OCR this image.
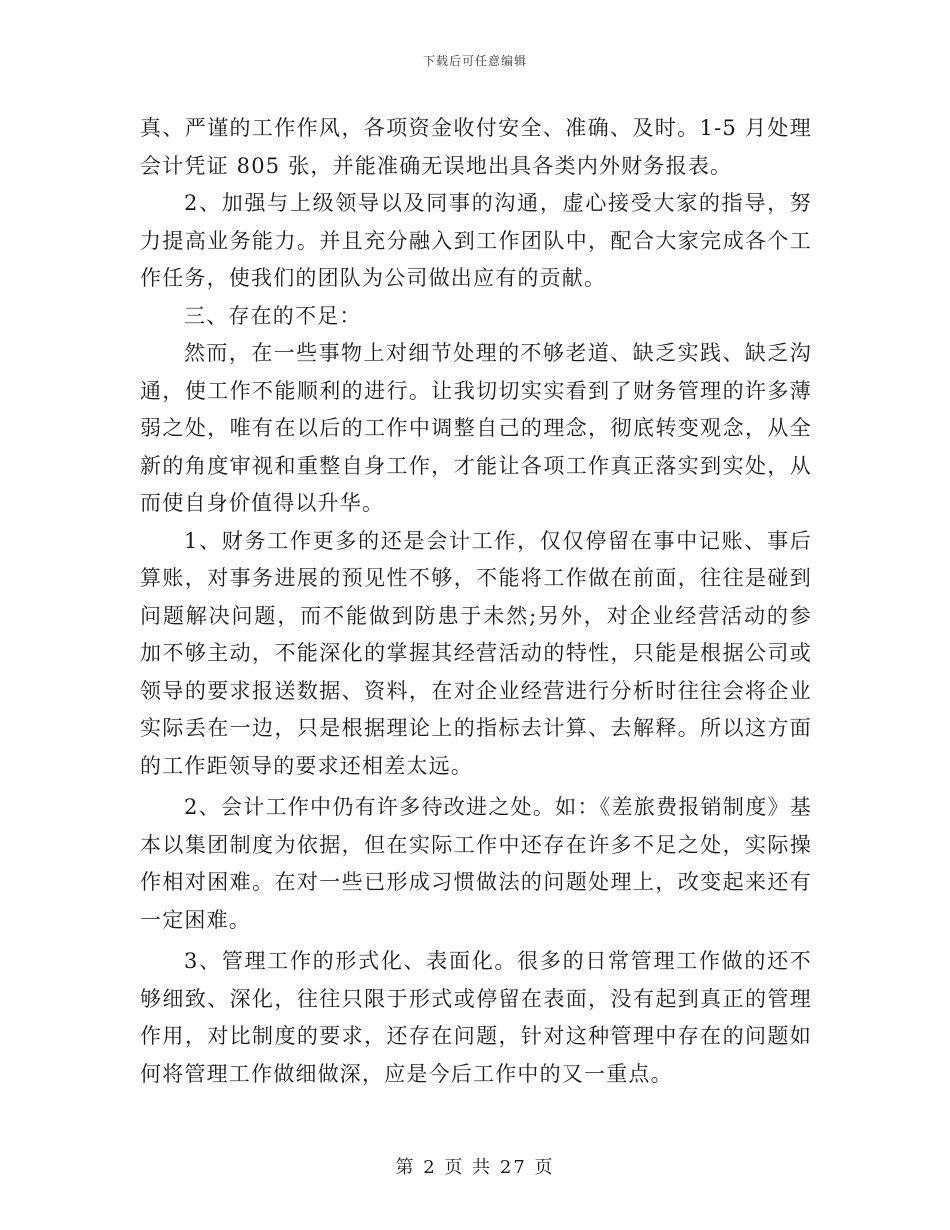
下载后可任意编辑

真、严谨的工作作风，各项资金收付安全、准确、及时。1-5 月处理会计凭证 805 张，并能准确无误地出具各类内外财务报表。

2、加强与上级领导以及同事的沟通，虚心接受大家的指导，努力提高业务能力。并且充分融入到工作团队中，配合大家完成各个工作任务，使我们的团队为公司做出应有的贡献。

三、存在的不足：

然而，在一些事物上对细节处理的不够老道、缺乏实践、缺乏沟通，使工作不能顺利的进行。让我切切实实看到了财务管理的许多薄弱之处，唯有在以后的工作中调整自己的理念，彻底转变观念，从全新的角度审视和重整自身工作，才能让各项工作真正落实到实处，从而使自身价值得以升华。

1、财务工作更多的还是会计工作，仅仅停留在事中记账、事后算账，对事务进展的预见性不够，不能将工作做在前面，往往是碰到问题解决问题，而不能做到防患于未然;另外，对企业经营活动的参加不够主动，不能深化的掌握其经营活动的特性，只能是根据公司或领导的要求报送数据、资料，在对企业经营进行分析时往往会将企业实际丢在一边，只是根据理论上的指标去计算、去解释。所以这方面的工作距领导的要求还相差太远。

2、会计工作中仍有许多待改进之处。如：《差旅费报销制度》基本以集团制度为依据，但在实际工作中还存在许多不足之处，实际操作相对困难。在对一些已形成习惯做法的问题处理上，改变起来还有一定困难。

3、管理工作的形式化、表面化。很多的日常管理工作做的还不够细致、深化，往往只限于形式或停留在表面，没有起到真正的管理作用，对比制度的要求，还存在问题，针对这种管理中存在的问题如何将管理工作做细做深，应是今后工作中的又一重点。

第 2 页 共 27 页
